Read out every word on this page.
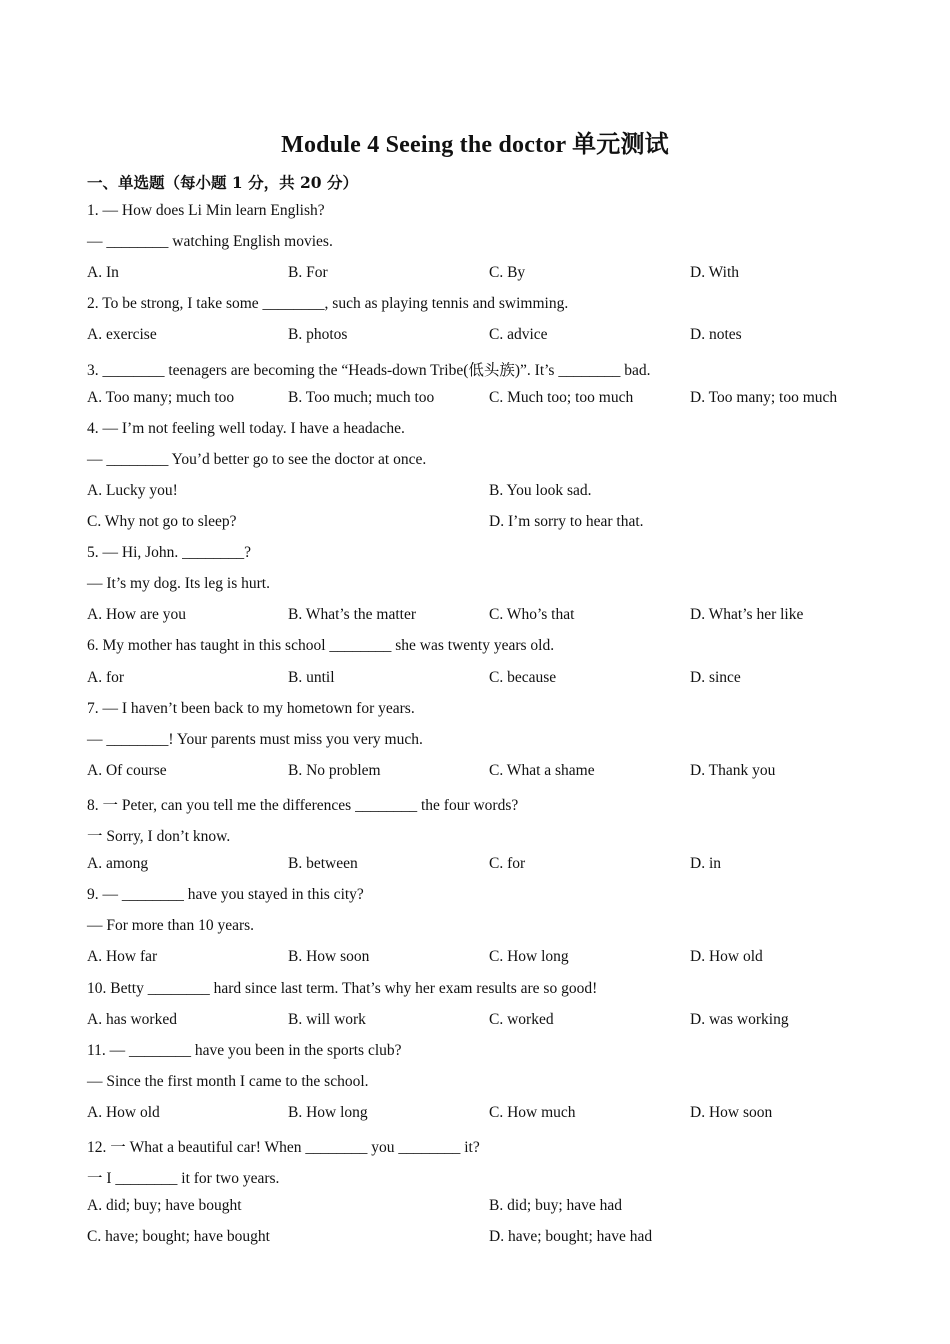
Module 4 Seeing the doctor 单元测试
一、单选题（每小题 1 分，共 20 分）
1. — How does Li Min learn English?
— ________ watching English movies.
A. In	B. For	C. By	D. With
2. To be strong, I take some ________, such as playing tennis and swimming.
A. exercise	B. photos	C. advice	D. notes
3. ________ teenagers are becoming the “Heads-down Tribe(低头族)”. It’s ________ bad.
A. Too many; much too	B. Too much; much too	C. Much too; too much	D. Too many; too much
4. — I’m not feeling well today. I have a headache.
— ________ You’d better go to see the doctor at once.
A. Lucky you!	B. You look sad.
C. Why not go to sleep?	D. I’m sorry to hear that.
5. — Hi, John. ________?
— It’s my dog. Its leg is hurt.
A. How are you	B. What’s the matter	C. Who’s that	D. What’s her like
6. My mother has taught in this school ________ she was twenty years old.
A. for	B. until	C. because	D. since
7. — I haven’t been back to my hometown for years.
— ________! Your parents must miss you very much.
A. Of course	B. No problem	C. What a shame	D. Thank you
8. 一 Peter, can you tell me the differences ________ the four words?
一 Sorry, I don’t know.
A. among	B. between	C. for	D. in
9. — ________ have you stayed in this city?
— For more than 10 years.
A. How far	B. How soon	C. How long	D. How old
10. Betty ________ hard since last term. That’s why her exam results are so good!
A. has worked	B. will work	C. worked	D. was working
11. — ________ have you been in the sports club?
— Since the first month I came to the school.
A. How old	B. How long	C. How much	D. How soon
12. 一 What a beautiful car! When ________ you ________ it?
一 I ________ it for two years.
A. did; buy; have bought	B. did; buy; have had
C. have; bought; have bought	D. have; bought; have had
